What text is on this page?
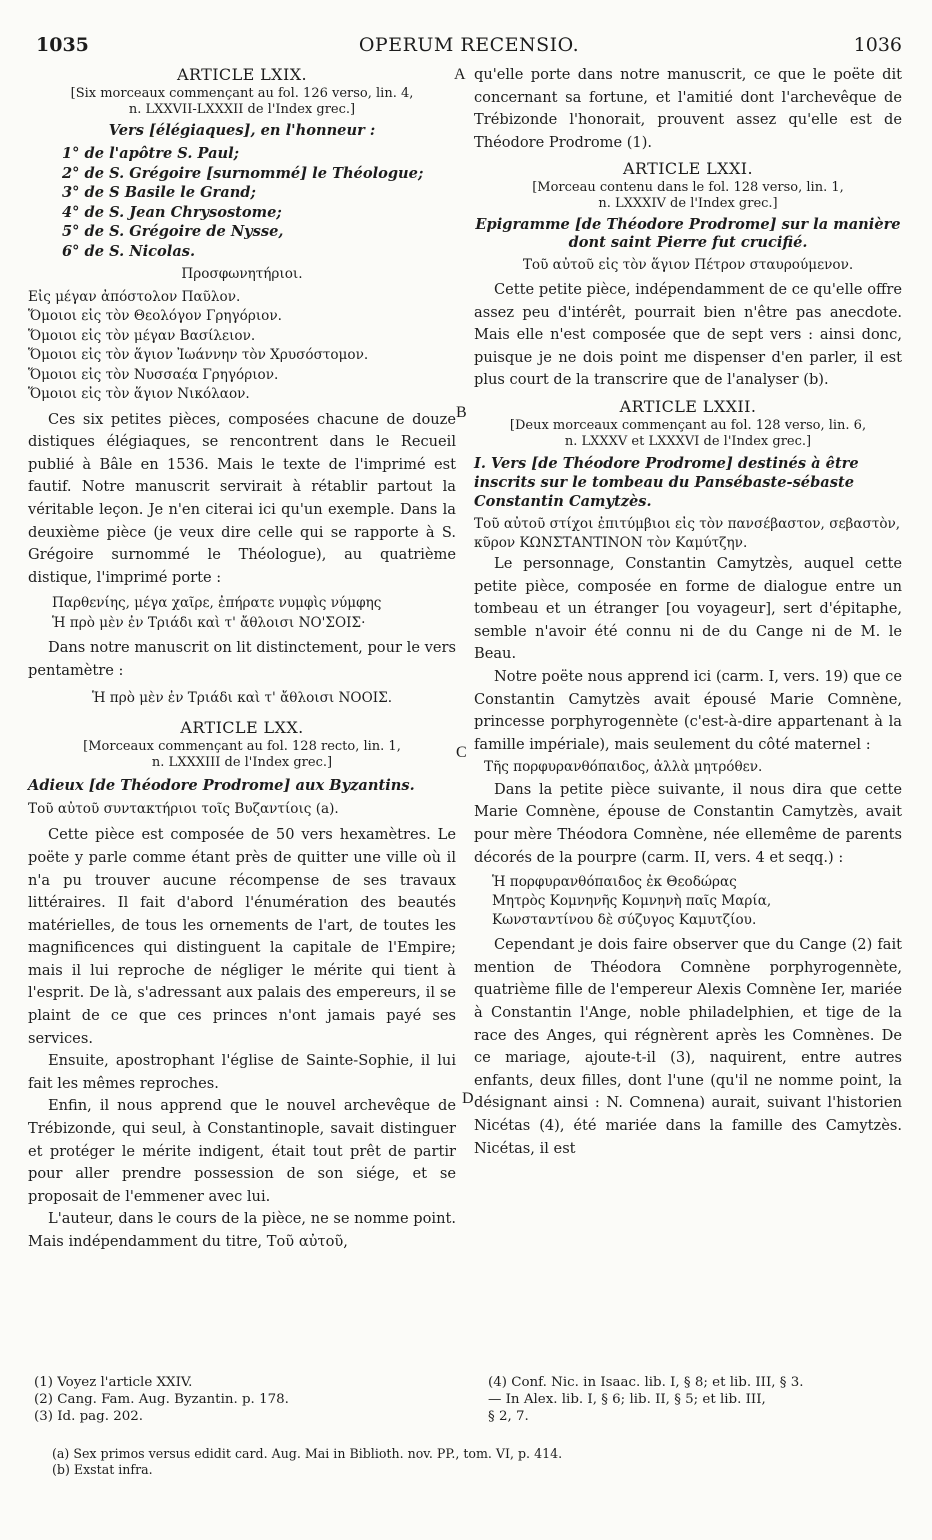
1035	OPERUM RECENSIO.	1036
A
B
C
D

ARTICLE LXIX.

[Six morceaux commençant au fol. 126 verso, lin. 4,

n. LXXVII-LXXXII de l'Index grec.]

Vers [élégiaques], en l'honneur :

1° de l'apôtre S. Paul;
2° de S. Grégoire [surnommé] le Théologue;
3° de S Basile le Grand;
4° de S. Jean Chrysostome;
5° de S. Grégoire de Nysse,
6° de S. Nicolas.

Προσφωνητήριοι.

Εἰς μέγαν ἀπόστολον Παῦλον.

Ὅμοιοι εἰς τὸν Θεολόγον Γρηγόριον.

Ὅμοιοι εἰς τὸν μέγαν Βασίλειον.

Ὅμοιοι εἰς τὸν ἅγιον Ἰωάννην τὸν Χρυσόστομον.

Ὅμοιοι εἰς τὸν Νυσσαέα Γρηγόριον.

Ὅμοιοι εἰς τὸν ἅγιον Νικόλαον.

Ces six petites pièces, composées chacune de douze distiques élégiaques, se rencontrent dans le Recueil publié à Bâle en 1536. Mais le texte de l'imprimé est fautif. Notre manuscrit servirait à rétablir partout la véritable leçon. Je n'en citerai ici qu'un exemple. Dans la deuxième pièce (je veux dire celle qui se rapporte à S. Grégoire surnommé le Théologue), au quatrième distique, l'imprimé porte :

Παρθενίης, μέγα χαῖρε, ἐπήρατε νυμφὶς νύμφης

Ἡ πρὸ μὲν ἐν Τριάδι καὶ τ' ἄθλοισι ΝΟ'ΣΟΙΣ·

Dans notre manuscrit on lit distinctement, pour le vers pentamètre :

Ἡ πρὸ μὲν ἐν Τριάδι καὶ τ' ἄθλοισι ΝΟΟΙΣ.

ARTICLE LXX.

[Morceaux commençant au fol. 128 recto, lin. 1,

n. LXXXIII de l'Index grec.]

Adieux [de Théodore Prodrome] aux Byzantins.

Τοῦ αὐτοῦ συντακτήριοι τοῖς Βυζαντίοις (a).

Cette pièce est composée de 50 vers hexamètres. Le poëte y parle comme étant près de quitter une ville où il n'a pu trouver aucune récompense de ses travaux littéraires. Il fait d'abord l'énumération des beautés matérielles, de tous les ornements de l'art, de toutes les magnificences qui distinguent la capitale de l'Empire; mais il lui reproche de négliger le mérite qui tient à l'esprit. De là, s'adressant aux palais des empereurs, il se plaint de ce que ces princes n'ont jamais payé ses services.

Ensuite, apostrophant l'église de Sainte-Sophie, il lui fait les mêmes reproches.

Enfin, il nous apprend que le nouvel archevêque de Trébizonde, qui seul, à Constantinople, savait distinguer et protéger le mérite indigent, était tout prêt de partir pour aller prendre possession de son siége, et se proposait de l'emmener avec lui.

L'auteur, dans le cours de la pièce, ne se nomme point. Mais indépendamment du titre, Τοῦ αὐτοῦ,

qu'elle porte dans notre manuscrit, ce que le poëte dit concernant sa fortune, et l'amitié dont l'archevêque de Trébizonde l'honorait, prouvent assez qu'elle est de Théodore Prodrome (1).

ARTICLE LXXI.

[Morceau contenu dans le fol. 128 verso, lin. 1,

n. LXXXIV de l'Index grec.]

Epigramme [de Théodore Prodrome] sur la manière

dont saint Pierre fut crucifié.

Τοῦ αὐτοῦ εἰς τὸν ἅγιον Πέτρον σταυρούμενον.

Cette petite pièce, indépendamment de ce qu'elle offre assez peu d'intérêt, pourrait bien n'être pas anecdote. Mais elle n'est composée que de sept vers : ainsi donc, puisque je ne dois point me dispenser d'en parler, il est plus court de la transcrire que de l'analyser (b).

ARTICLE LXXII.

[Deux morceaux commençant au fol. 128 verso, lin. 6,

n. LXXXV et LXXXVI de l'Index grec.]

I. Vers [de Théodore Prodrome] destinés à être inscrits sur le tombeau du Pansébaste-sébaste Constantin Camytzès.

Τοῦ αὐτοῦ στίχοι ἐπιτύμβιοι εἰς τὸν πανσέβαστον, σεβαστὸν, κῦρον ΚΩΝΣΤΑΝΤΙΝΟΝ τὸν Καμύτζην.

Le personnage, Constantin Camytzès, auquel cette petite pièce, composée en forme de dialogue entre un tombeau et un étranger [ou voyageur], sert d'épitaphe, semble n'avoir été connu ni de du Cange ni de M. le Beau.

Notre poëte nous apprend ici (carm. I, vers. 19) que ce Constantin Camytzès avait épousé Marie Comnène, princesse porphyrogennète (c'est-à-dire appartenant à la famille impériale), mais seulement du côté maternel :

Τῆς πορφυρανθόπαιδος, ἀλλὰ μητρόθεν.

Dans la petite pièce suivante, il nous dira que cette Marie Comnène, épouse de Constantin Camytzès, avait pour mère Théodora Comnène, née ellemême de parents décorés de la pourpre (carm. II, vers. 4 et seqq.) :

Ἡ πορφυρανθόπαιδος ἐκ Θεοδώρας

Μητρὸς Κομνηνῆς Κομνηνὴ παῖς Μαρία,

Κωνσταντίνου δὲ σύζυγος Καμυτζίου.

Cependant je dois faire observer que du Cange (2) fait mention de Théodora Comnène porphyrogennète, quatrième fille de l'empereur Alexis Comnène Ier, mariée à Constantin l'Ange, noble philadelphien, et tige de la race des Anges, qui régnèrent après les Comnènes. De ce mariage, ajoute-t-il (3), naquirent, entre autres enfants, deux filles, dont l'une (qu'il ne nomme point, la désignant ainsi : N. Comnena) aurait, suivant l'historien Nicétas (4), été mariée dans la famille des Camytzès. Nicétas, il est

(1) Voyez l'article XXIV.

(2) Cang. Fam. Aug. Byzantin. p. 178.

(3) Id. pag. 202.

(4) Conf. Nic. in Isaac. lib. I, § 8; et lib. III, § 3.

— In Alex. lib. I, § 6; lib. II, § 5; et lib. III,

§ 2, 7.

(a) Sex primos versus edidit card. Aug. Mai in Biblioth. nov. PP., tom. VI, p. 414.

(b) Exstat infra.
